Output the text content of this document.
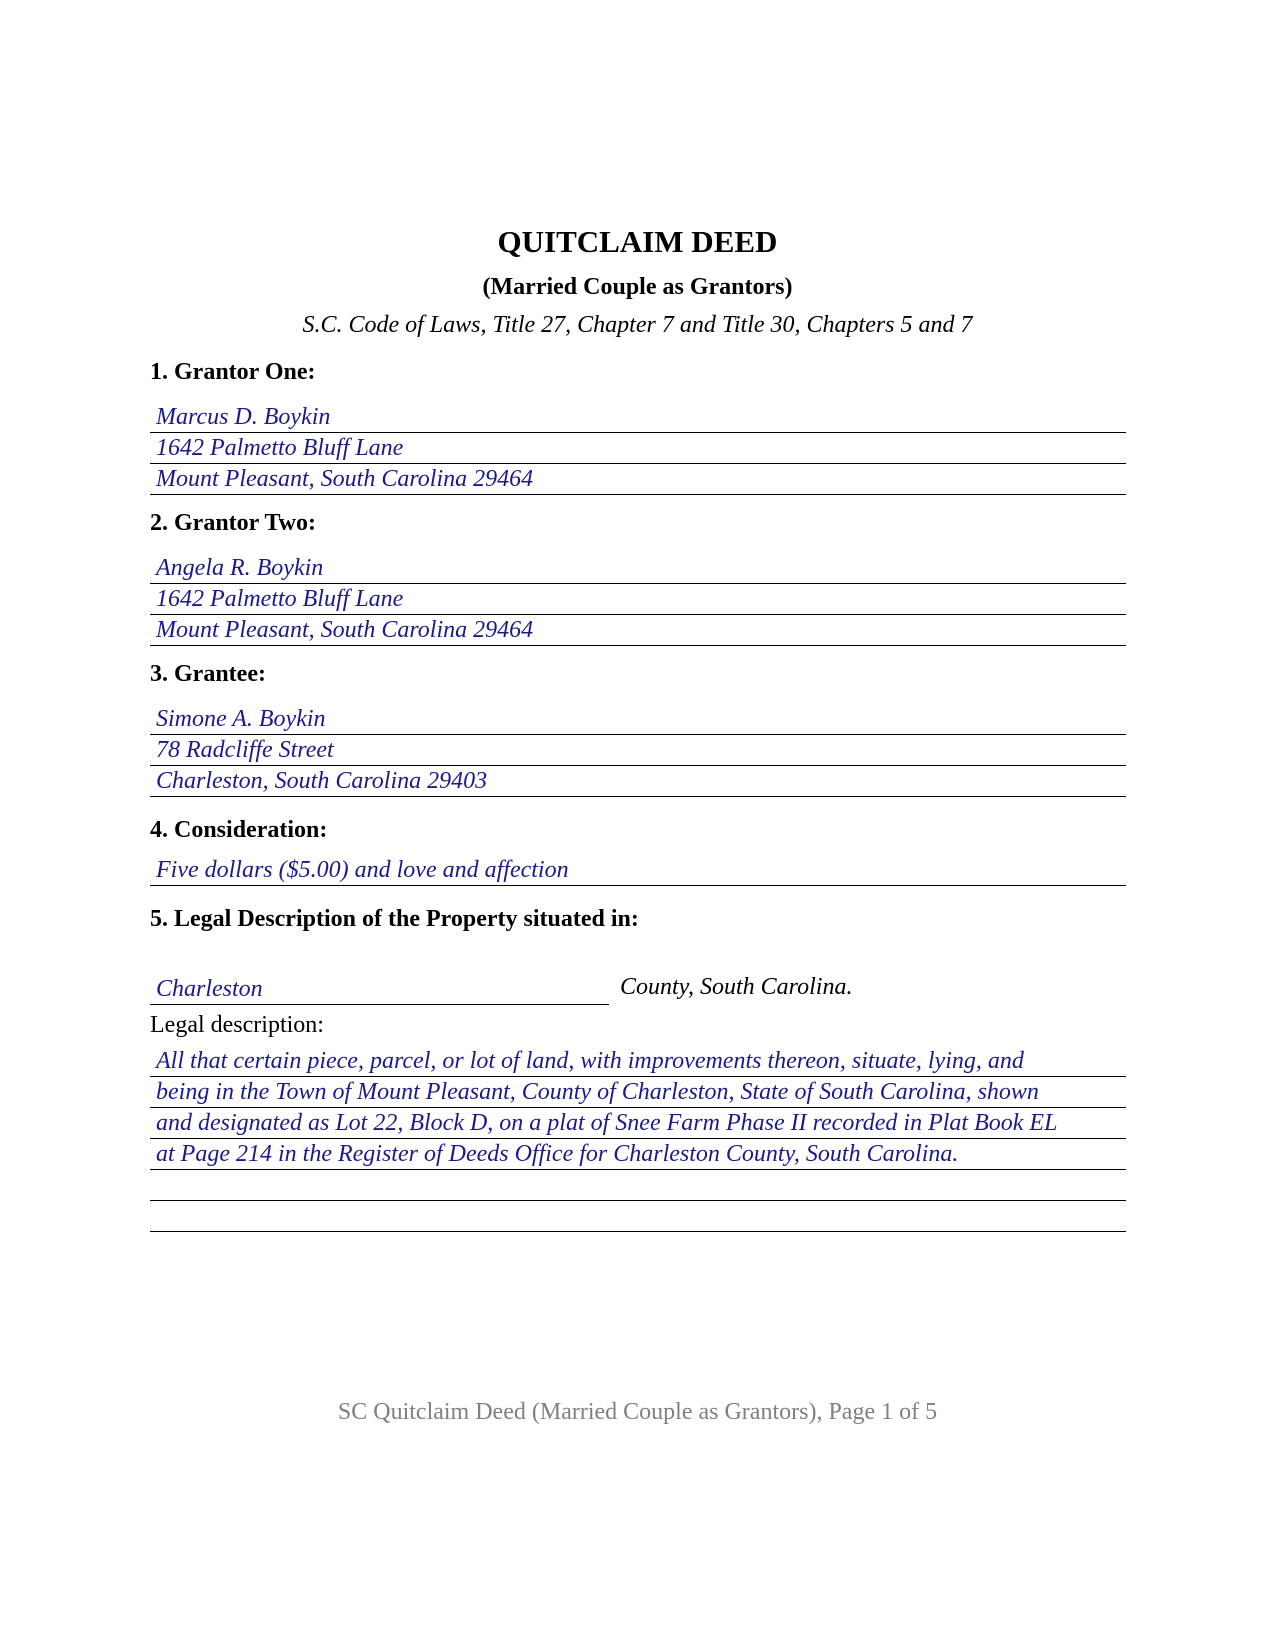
QUITCLAIM DEED
(Married Couple as Grantors)
S.C. Code of Laws, Title 27, Chapter 7 and Title 30, Chapters 5 and 7
1. Grantor One:
Marcus D. Boykin
1642 Palmetto Bluff Lane
Mount Pleasant, South Carolina 29464
2. Grantor Two:
Angela R. Boykin
1642 Palmetto Bluff Lane
Mount Pleasant, South Carolina 29464
3. Grantee:
Simone A. Boykin
78 Radcliffe Street
Charleston, South Carolina 29403
4. Consideration:
Five dollars ($5.00) and love and affection
5. Legal Description of the Property situated in:
Charleston	County, South Carolina.
Legal description:
All that certain piece, parcel, or lot of land, with improvements thereon, situate, lying, and
being in the Town of Mount Pleasant, County of Charleston, State of South Carolina, shown
and designated as Lot 22, Block D, on a plat of Snee Farm Phase II recorded in Plat Book EL
at Page 214 in the Register of Deeds Office for Charleston County, South Carolina.
SC Quitclaim Deed (Married Couple as Grantors), Page 1 of 5
